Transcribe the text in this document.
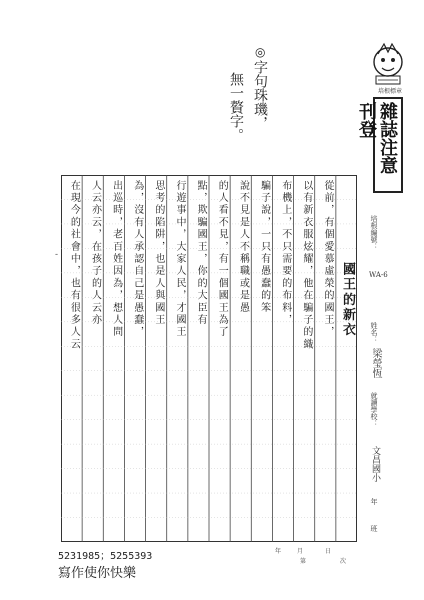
培根標章
雜誌注意刊登
◎
字句珠璣，
無一贅字。
-	從前，有個愛慕虛榮的國王，
以有新衣服炫耀，他在騙子的織
布機上，不只需要的布料，
騙子說，一只有愚蠢的笨
說不見是人不稱職或是愚
的人看不見，有一個國王為了
點，欺騙國王，你的大臣有
行遊事中，大家人民，才國王
思考的陷阱，也是人與國王
為，沒有人承認自己是愚蠢，
出巡時，老百姓因為，想人問
人云亦云，在孩子的人云亦
在現今的社會中，也有很多人云	國王的新衣
培根編號：
WA-6
姓名：
梁瑩恆
就讀學校：
文昌國小
年
班
年	月	日
第	次
5231985；5255393
寫作使你快樂
